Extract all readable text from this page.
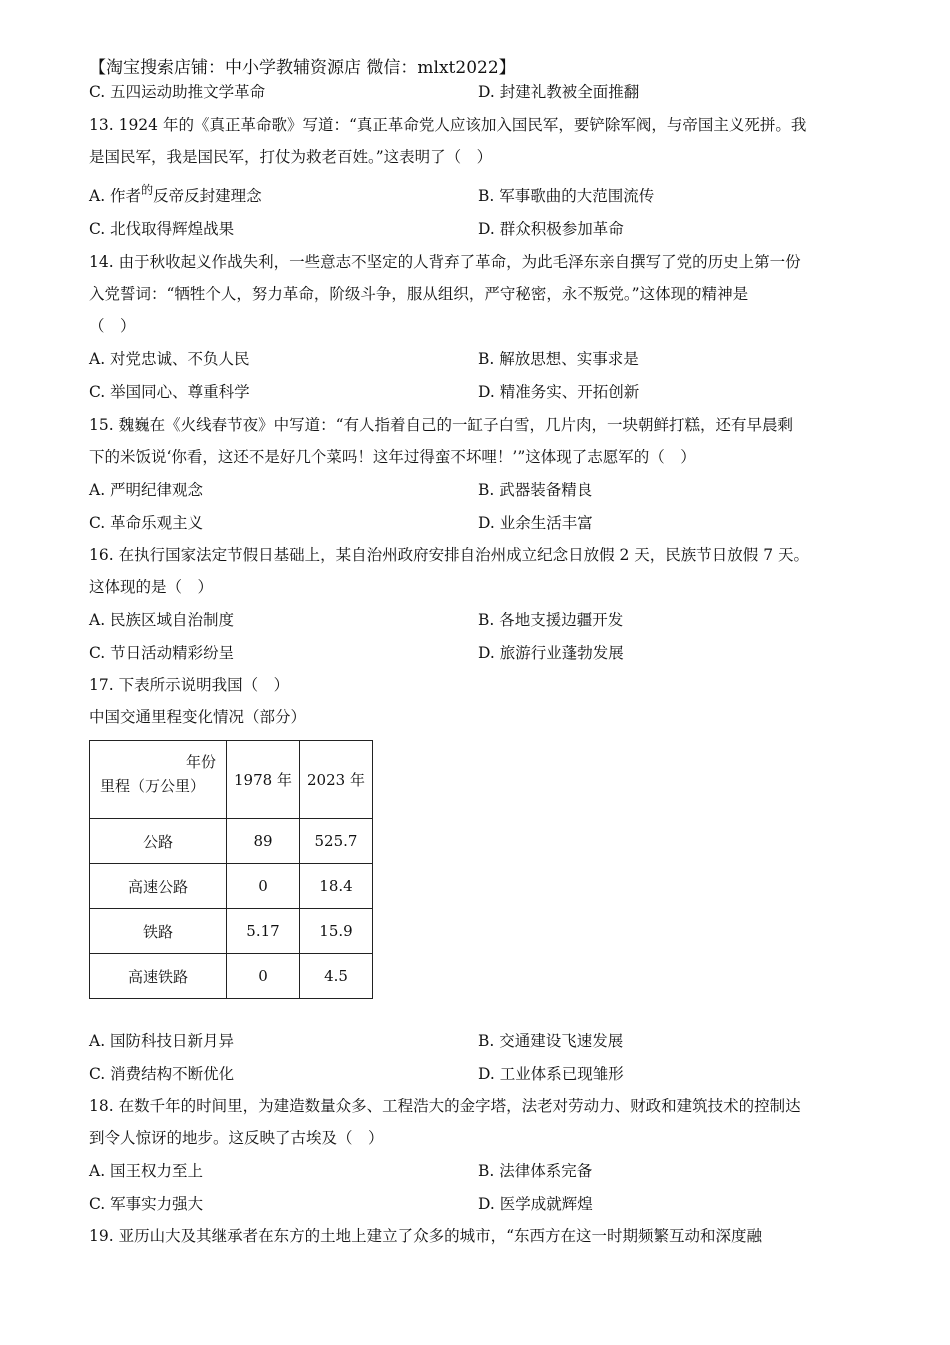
【淘宝搜索店铺：中小学教辅资源店 微信：mlxt2022】
C. 五四运动助推文学革命	D. 封建礼教被全面推翻
13. 1924 年的《真正革命歌》写道：“真正革命党人应该加入国民军，要铲除军阀，与帝国主义死拼。我
是国民军，我是国民军，打仗为救老百姓。”这表明了（　）
A. 作者$^的$反帝反封建理念	B. 军事歌曲的大范围流传
C. 北伐取得辉煌战果	D. 群众积极参加革命
14. 由于秋收起义作战失利，一些意志不坚定的人背弃了革命，为此毛泽东亲自撰写了党的历史上第一份
入党誓词：“牺牲个人，努力革命，阶级斗争，服从组织，严守秘密，永不叛党。”这体现的精神是
（　）
A. 对党忠诚、不负人民	B. 解放思想、实事求是
C. 举国同心、尊重科学	D. 精准务实、开拓创新
15. 魏巍在《火线春节夜》中写道：“有人指着自己的一缸子白雪，几片肉，一块朝鲜打糕，还有早晨剩
下的米饭说‘你看，这还不是好几个菜吗！这年过得蛮不坏哩！’”这体现了志愿军的（　）
A. 严明纪律观念	B. 武器装备精良
C. 革命乐观主义	D. 业余生活丰富
16. 在执行国家法定节假日基础上，某自治州政府安排自治州成立纪念日放假 2 天，民族节日放假 7 天。
这体现的是（　）
A. 民族区域自治制度	B. 各地支援边疆开发
C. 节日活动精彩纷呈	D. 旅游行业蓬勃发展
17. 下表所示说明我国（　）
中国交通里程变化情况（部分）
年份
里程（万公里）	1978 年	2023 年
公路	89	525.7
高速公路	0	18.4
铁路	5.17	15.9
高速铁路	0	4.5
A. 国防科技日新月异	B. 交通建设飞速发展
C. 消费结构不断优化	D. 工业体系已现雏形
18. 在数千年的时间里，为建造数量众多、工程浩大的金字塔，法老对劳动力、财政和建筑技术的控制达
到令人惊讶的地步。这反映了古埃及（　）
A. 国王权力至上	B. 法律体系完备
C. 军事实力强大	D. 医学成就辉煌
19. 亚历山大及其继承者在东方的土地上建立了众多的城市，“东西方在这一时期频繁互动和深度融
